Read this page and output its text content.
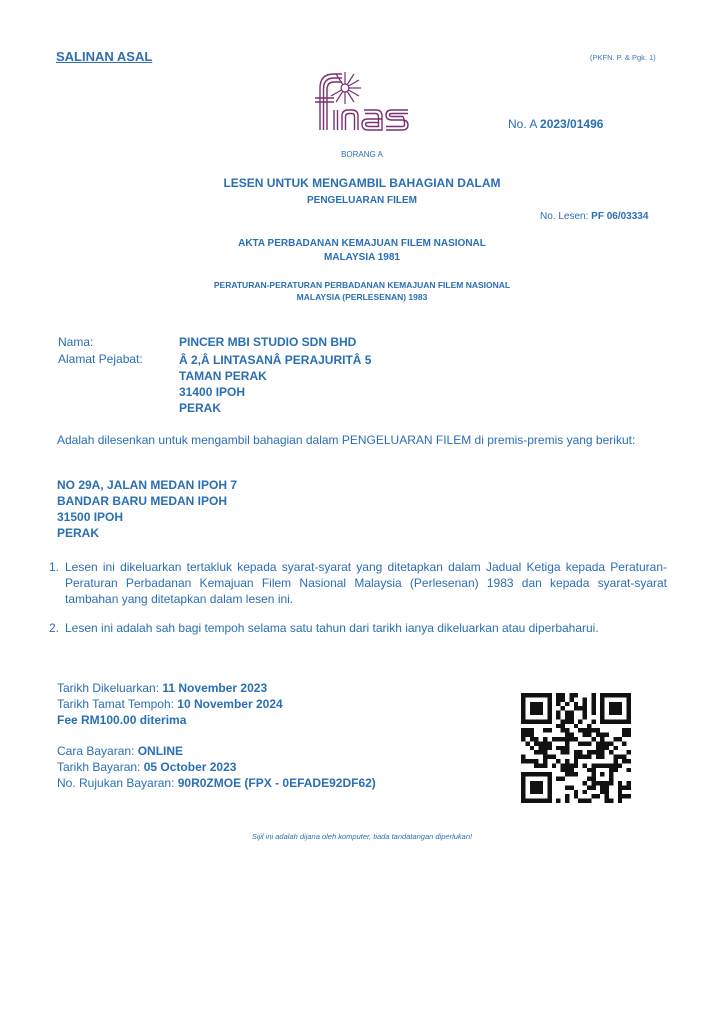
SALINAN ASAL	(PKFN. P. & Pgk. 1)
No. A 2023/01496
BORANG A
LESEN UNTUK MENGAMBIL BAHAGIAN DALAM
PENGELUARAN FILEM
No. Lesen: PF 06/03334
AKTA PERBADANAN KEMAJUAN FILEM NASIONAL
MALAYSIA 1981
PERATURAN-PERATURAN PERBADANAN KEMAJUAN FILEM NASIONAL
MALAYSIA (PERLESENAN) 1983
Nama:	PINCER MBI STUDIO SDN BHD
Alamat Pejabat:	Â 2,Â LINTASANÂ PERAJURITÂ 5
TAMAN PERAK
31400 IPOH
PERAK
Adalah dilesenkan untuk mengambil bahagian dalam PENGELUARAN FILEM di premis-premis yang berikut:
NO 29A, JALAN MEDAN IPOH 7
BANDAR BARU MEDAN IPOH
31500 IPOH
PERAK
1. Lesen ini dikeluarkan tertakluk kepada syarat-syarat yang ditetapkan dalam Jadual Ketiga kepada Peraturan-Peraturan Perbadanan Kemajuan Filem Nasional Malaysia (Perlesenan) 1983 dan kepada syarat-syarat tambahan yang ditetapkan dalam lesen ini.
2. Lesen ini adalah sah bagi tempoh selama satu tahun dari tarikh ianya dikeluarkan atau diperbaharui.
Tarikh Dikeluarkan: 11 November 2023
Tarikh Tamat Tempoh: 10 November 2024
Fee RM100.00 diterima
Cara Bayaran: ONLINE
Tarikh Bayaran: 05 October 2023
No. Rujukan Bayaran: 90R0ZMOE (FPX - 0EFADE92DF62)
Sijil ini adalah dijana oleh komputer, tiada tandatangan diperlukan!
